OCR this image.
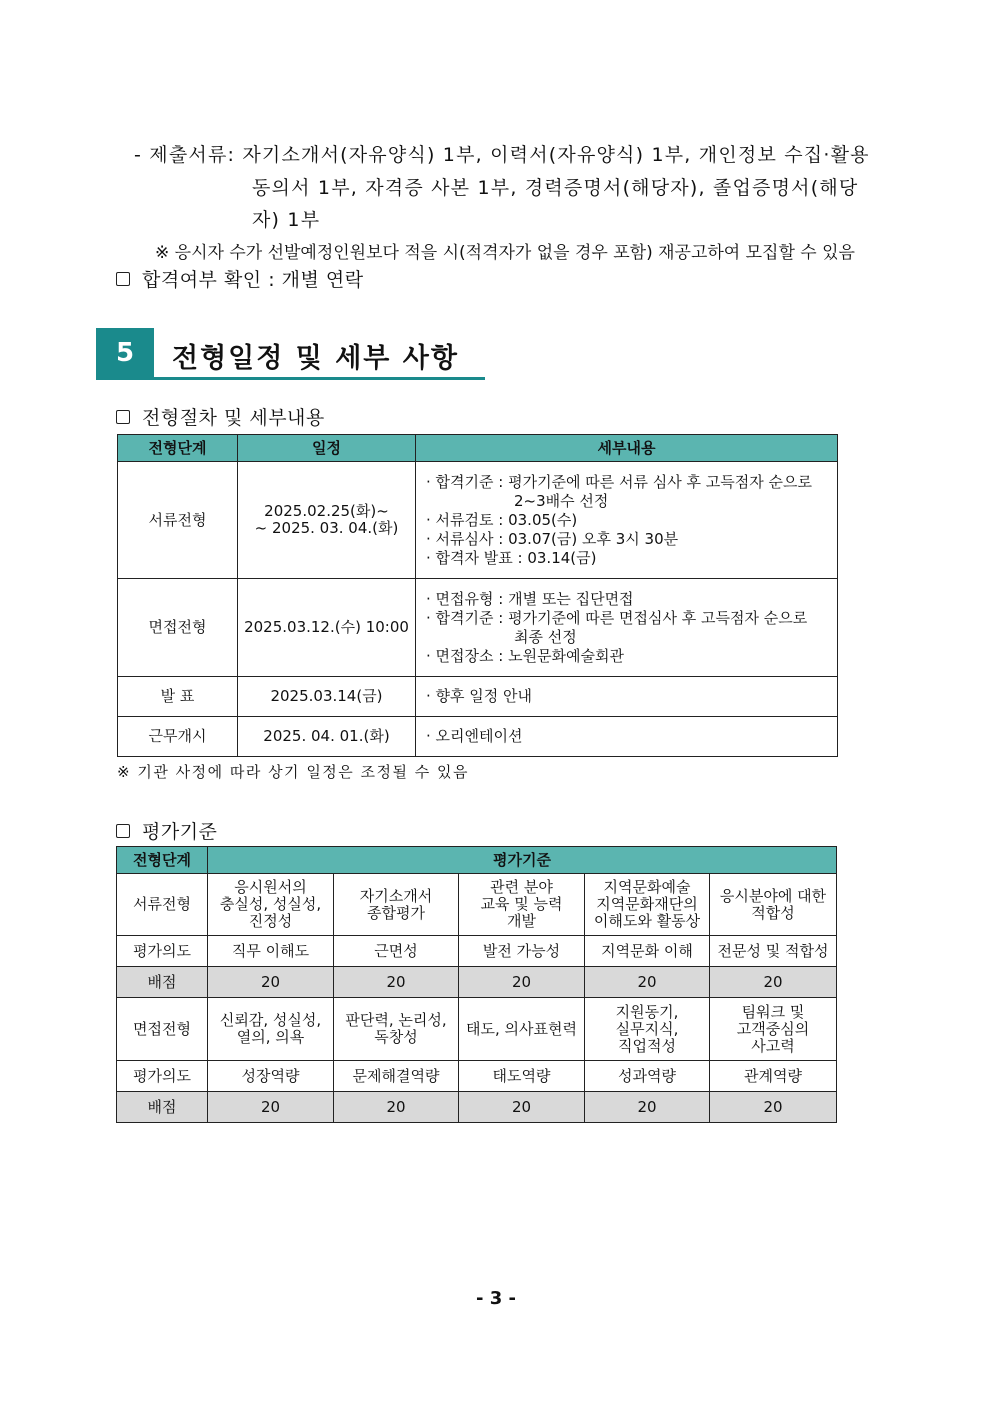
- 제출서류: 자기소개서(자유양식) 1부, 이력서(자유양식) 1부, 개인정보 수집·활용
동의서 1부, 자격증 사본 1부, 경력증명서(해당자), 졸업증명서(해당
자) 1부
※ 응시자 수가 선발예정인원보다 적을 시(적격자가 없을 경우 포함) 재공고하여 모집할 수 있음
합격여부 확인 : 개별 연락
5	전형일정 및 세부 사항
전형절차 및 세부내용
전형단계	일정	세부내용
서류전형	2025.02.25(화)~
~ 2025. 03. 04.(화)	· 합격기준 : 평가기준에 따른 서류 심사 후 고득점자 순으로
2~3배수 선정
· 서류검토 : 03.05(수)
· 서류심사 : 03.07(금) 오후 3시 30분
· 합격자 발표 : 03.14(금)

면접전형	2025.03.12.(수) 10:00	· 면접유형 : 개별 또는 집단면접
· 합격기준 : 평가기준에 따른 면접심사 후 고득점자 순으로
최종 선정
· 면접장소 : 노원문화예술회관

발 표	2025.03.14(금)	· 향후 일정 안내

근무개시	2025. 04. 01.(화)	· 오리엔테이션
※ 기관 사정에 따라 상기 일정은 조정될 수 있음
평가기준
전형단계	평가기준				
서류전형	응시원서의
충실성, 성실성,
진정성	자기소개서
종합평가	관련 분야
교육 및 능력
개발	지역문화예술
지역문화재단의
이해도와 활동상	응시분야에 대한
적합성

평가의도	직무 이해도	근면성	발전 가능성	지역문화 이해	전문성 및 적합성
배점	20	20	20	20	20
면접전형	신뢰감, 성실성,
열의, 의욕	판단력, 논리성,
독창성	태도, 의사표현력	지원동기,
실무지식,
직업적성	팀워크 및
고객중심의
사고력

평가의도	성장역량	문제해결역량	태도역량	성과역량	관계역량
배점	20	20	20	20	20
- 3 -
